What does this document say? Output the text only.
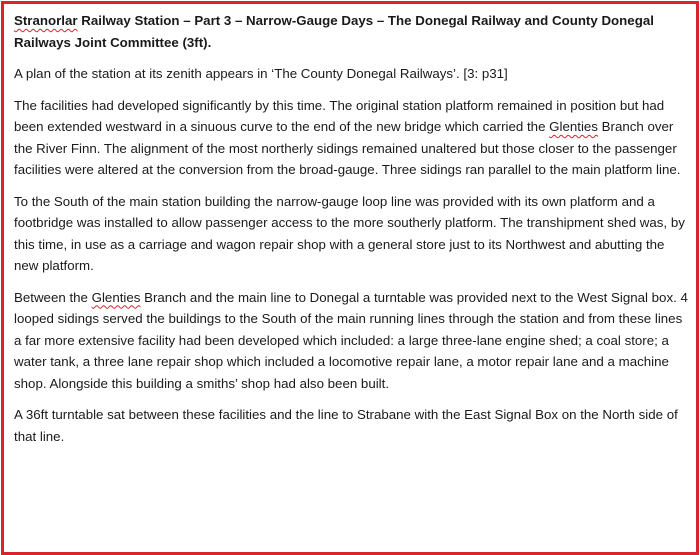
Stranorlar Railway Station – Part 3 – Narrow-Gauge Days – The Donegal Railway and County Donegal Railways Joint Committee (3ft).
A plan of the station at its zenith appears in ‘The County Donegal Railways’. [3: p31]
The facilities had developed significantly by this time. The original station platform remained in position but had been extended westward in a sinuous curve to the end of the new bridge which carried the Glenties Branch over the River Finn. The alignment of the most northerly sidings remained unaltered but those closer to the passenger facilities were altered at the conversion from the broad-gauge. Three sidings ran parallel to the main platform line.
To the South of the main station building the narrow-gauge loop line was provided with its own platform and a footbridge was installed to allow passenger access to the more southerly platform. The transhipment shed was, by this time, in use as a carriage and wagon repair shop with a general store just to its Northwest and abutting the new platform.
Between the Glenties Branch and the main line to Donegal a turntable was provided next to the West Signal box. 4 looped sidings served the buildings to the South of the main running lines through the station and from these lines a far more extensive facility had been developed which included: a large three-lane engine shed; a coal store; a water tank, a three lane repair shop which included a locomotive repair lane, a motor repair lane and a machine shop. Alongside this building a smiths’ shop had also been built.
A 36ft turntable sat between these facilities and the line to Strabane with the East Signal Box on the North side of that line.
